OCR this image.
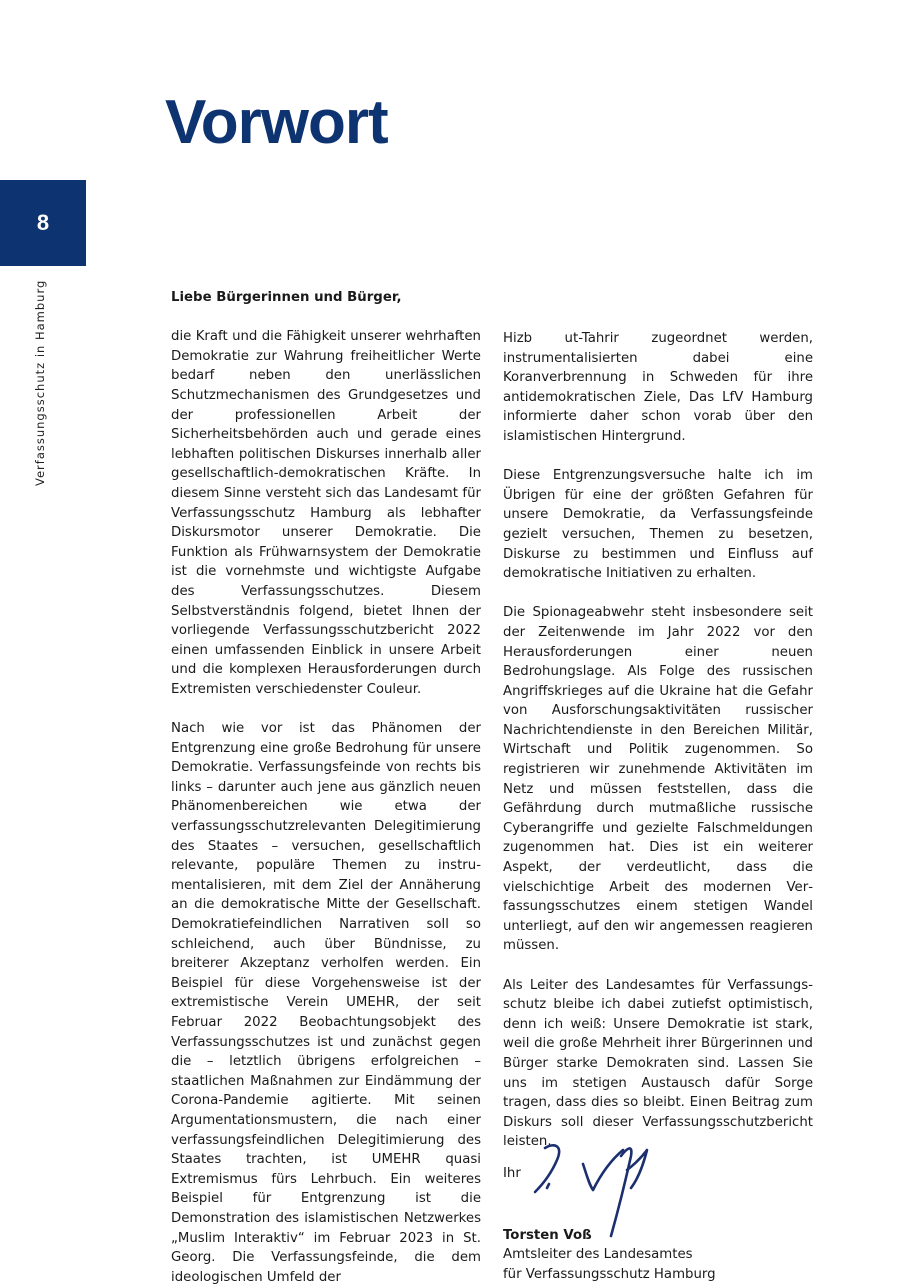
Vorwort
8
Verfassungsschutz in Hamburg	Liebe Bürgerinnen und Bürger,

die Kraft und die Fähigkeit unserer wehrhaften Demokratie zur Wahrung freiheitlicher Werte bedarf neben den unerlässlichen Schutzmechanismen des Grundgesetzes und der professionellen Arbeit der Sicherheitsbehörden auch und gerade eines lebhaften politischen Diskurses innerhalb aller gesellschaftlich-demokratischen Kräfte. In diesem Sinne versteht sich das Landesamt für Verfassungsschutz Hamburg als lebhafter Diskursmotor unserer Demokratie. Die Funktion als Frühwarnsystem der Demokratie ist die vornehmste und wichtigste Aufgabe des Verfassungsschutzes. Diesem Selbstverständnis folgend, bietet Ihnen der vorliegende Verfassungsschutzbericht 2022 einen umfassenden Einblick in unsere Arbeit und die komplexen Herausforderungen durch Extremisten verschiedenster Couleur.

Nach wie vor ist das Phänomen der Entgrenzung eine große Bedrohung für unsere Demokratie. Verfassungsfeinde von rechts bis links – darunter auch jene aus gänzlich neuen Phänomenbereichen wie etwa der verfassungsschutzrelevanten Delegitimierung des Staates – versuchen, gesellschaftlich relevante, populäre Themen zu instrumentalisieren, mit dem Ziel der Annäherung an die demokratische Mitte der Gesellschaft. Demokratiefeindlichen Narrativen soll so schleichend, auch über Bündnisse, zu breiterer Akzeptanz verholfen werden. Ein Beispiel für diese Vorgehensweise ist der extremistische Verein UMEHR, der seit Februar 2022 Beobachtungsobjekt des Verfassungsschutzes ist und zunächst gegen die – letztlich übrigens erfolgreichen – staatlichen Maßnahmen zur Eindämmung der Corona-Pandemie agitierte. Mit seinen Argumentationsmustern, die nach einer verfassungsfeindlichen Delegitimierung des Staates trachten, ist UMEHR quasi Extremismus fürs Lehrbuch. Ein weiteres Beispiel für Entgrenzung ist die Demonstration des islamistischen Netzwerkes „Muslim Interaktiv“ im Februar 2023 in St. Georg. Die Verfassungsfeinde, die dem ideologischen Umfeld der

Hizb ut-Tahrir zugeordnet werden, instrumentalisierten dabei eine Koranverbrennung in Schweden für ihre antidemokratischen Ziele, Das LfV Hamburg informierte daher schon vorab über den islamistischen Hintergrund.

Diese Entgrenzungsversuche halte ich im Übrigen für eine der größten Gefahren für unsere Demokratie, da Verfassungsfeinde gezielt versuchen, Themen zu besetzen, Diskurse zu bestimmen und Einfluss auf demokratische Initiativen zu erhalten.

Die Spionageabwehr steht insbesondere seit der Zeitenwende im Jahr 2022 vor den Herausforderungen einer neuen Bedrohungslage. Als Folge des russischen Angriffskrieges auf die Ukraine hat die Gefahr von Ausforschungsaktivitäten russischer Nachrichtendienste in den Bereichen Militär, Wirtschaft und Politik zugenommen. So registrieren wir zunehmende Aktivitäten im Netz und müssen feststellen, dass die Gefährdung durch mutmaßliche russische Cyberangriffe und gezielte Falschmeldungen zugenommen hat. Dies ist ein weiterer Aspekt, der verdeutlicht, dass die vielschichtige Arbeit des modernen Verfassungsschutzes einem stetigen Wandel unterliegt, auf den wir angemessen reagieren müssen.

Als Leiter des Landesamtes für Verfassungsschutz bleibe ich dabei zutiefst optimistisch, denn ich weiß: Unsere Demokratie ist stark, weil die große Mehrheit ihrer Bürgerinnen und Bürger starke Demokraten sind. Lassen Sie uns im stetigen Austausch dafür Sorge tragen, dass dies so bleibt. Einen Beitrag zum Diskurs soll dieser Verfassungsschutzbericht leisten.

Ihr
Torsten Voß
Amtsleiter des Landesamtes
für Verfassungsschutz Hamburg
